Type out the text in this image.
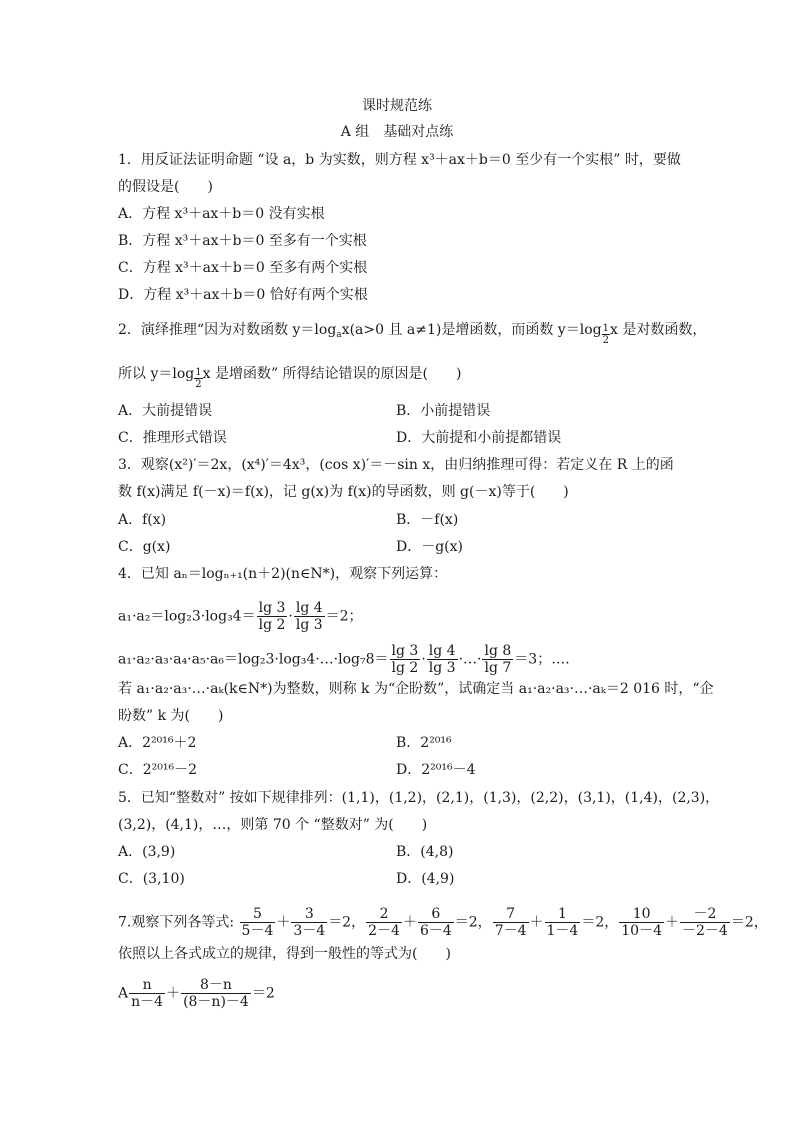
课时规范练
A 组　基础对点练
1．用反证法证明命题 “设 a，b 为实数，则方程 x³＋ax＋b＝0 至少有一个实根” 时，要做
的假设是(　　)
A．方程 x³＋ax＋b＝0 没有实根
B．方程 x³＋ax＋b＝0 至多有一个实根
C．方程 x³＋ax＋b＝0 至多有两个实根
D．方程 x³＋ax＋b＝0 恰好有两个实根
2．演绎推理“因为对数函数 $y=\log_ax(a>0$ 且 a≠1)是增函数，而函数 $y=\log \frac{1}{2}$ x 是对数函数，
所以 $y=\log \frac{1}{2}$ x 是增函数” 所得结论错误的原因是(　　)
A．大前提错误	B．小前提错误
C．推理形式错误	D．大前提和小前提都错误
3．观察(x²)′＝2x，(x⁴)′＝4x³，(cos x)′＝－sin x，由归纳推理可得：若定义在 R 上的函
数 f(x)满足 f(－x)＝f(x)，记 g(x)为 f(x)的导函数，则 g(－x)等于(　　)
A．f(x)	B．－f(x)
C．g(x)	D．－g(x)
4．已知 aₙ＝logₙ₊₁(n＋2)(n∈N*)，观察下列运算：
$a_1\cdot a_2=\log_23\cdot\log_34= \frac{\lg 3}{\lg 2} \cdot \frac{\lg 4}{\lg 3} =2$；
a₁·a₂·a₃·a₄·a₅·a₆＝log₂3·log₃4·…·log₇8＝ $\frac{\lg 3}{\lg 2} \cdot \frac{\lg 4}{\lg 3}$ ·…· $\frac{\lg 8}{\lg 7} =3$；….
若 a₁·a₂·a₃·…·aₖ(k∈N*)为整数，则称 k 为“企盼数”，试确定当 a₁·a₂·a₃·…·aₖ＝2 016 时，“企
盼数” k 为(　　)
A．2²⁰¹⁶＋2	B．2²⁰¹⁶
C．2²⁰¹⁶－2	D．2²⁰¹⁶－4
5．已知“整数对” 按如下规律排列：(1,1)，(1,2)，(2,1)，(1,3)，(2,2)，(3,1)，(1,4)，(2,3)，
(3,2)，(4,1)，…，则第 70 个 “整数对” 为(　　)
A．(3,9)	B．(4,8)
C．(3,10)	D．(4,9)
7.观察下列各等式: $\frac{5}{5-4} + \frac{3}{3-4} =2$， $\frac{2}{2-4} + \frac{6}{6-4} =2$， $\frac{7}{7-4} + \frac{1}{1-4} =2$， $\frac{10}{10-4} + \frac{-2}{-2-4} =2$，
依照以上各式成立的规律，得到一般性的等式为(　　)
A $\frac{n}{n-4} + \frac{8-n}{(8-n)-4} =2$
